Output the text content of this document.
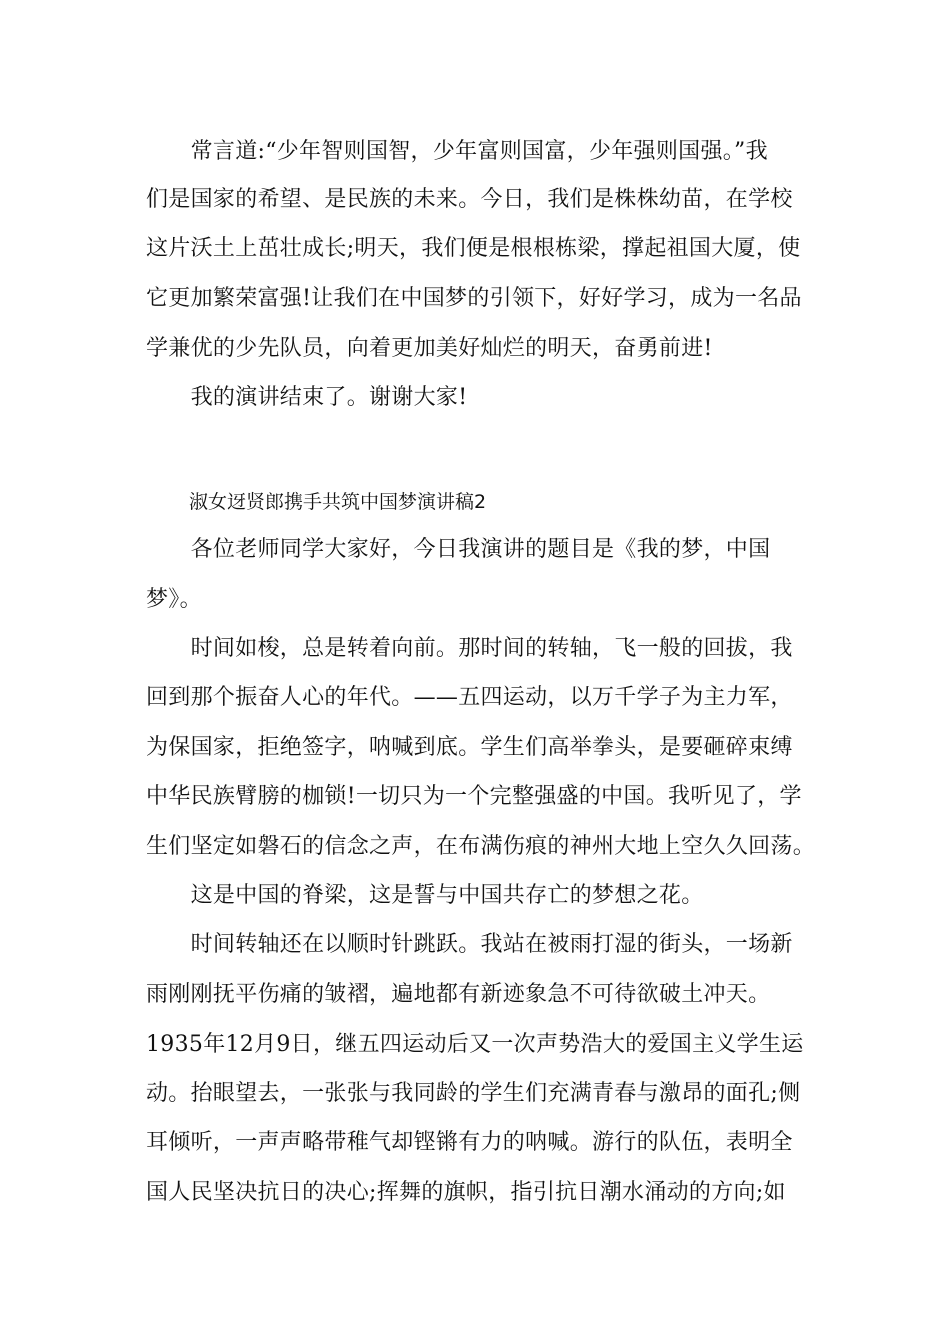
　　常言道:“少年智则国智，少年富则国富，少年强则国强。”我
们是国家的希望、是民族的未来。今日，我们是株株幼苗，在学校
这片沃土上茁壮成长;明天，我们便是根根栋梁，撑起祖国大厦，使
它更加繁荣富强!让我们在中国梦的引领下，好好学习，成为一名品
学兼优的少先队员，向着更加美好灿烂的明天，奋勇前进!
　　我的演讲结束了。谢谢大家!
淑女迓贤郎携手共筑中国梦演讲稿2
　　各位老师同学大家好，今日我演讲的题目是《我的梦，中国
梦》。
　　时间如梭，总是转着向前。那时间的转轴，飞一般的回拔，我
回到那个振奋人心的年代。——五四运动，以万千学子为主力军，
为保国家，拒绝签字，呐喊到底。学生们高举拳头，是要砸碎束缚
中华民族臂膀的枷锁!一切只为一个完整强盛的中国。我听见了，学
生们坚定如磐石的信念之声，在布满伤痕的神州大地上空久久回荡。
　　这是中国的脊梁，这是誓与中国共存亡的梦想之花。
　　时间转轴还在以顺时针跳跃。我站在被雨打湿的街头，一场新
雨刚刚抚平伤痛的皱褶，遍地都有新迹象急不可待欲破土冲天。
1935年12月9日，继五四运动后又一次声势浩大的爱国主义学生运
动。抬眼望去，一张张与我同龄的学生们充满青春与激昂的面孔;侧
耳倾听，一声声略带稚气却铿锵有力的呐喊。游行的队伍，表明全
国人民坚决抗日的决心;挥舞的旗帜，指引抗日潮水涌动的方向;如
